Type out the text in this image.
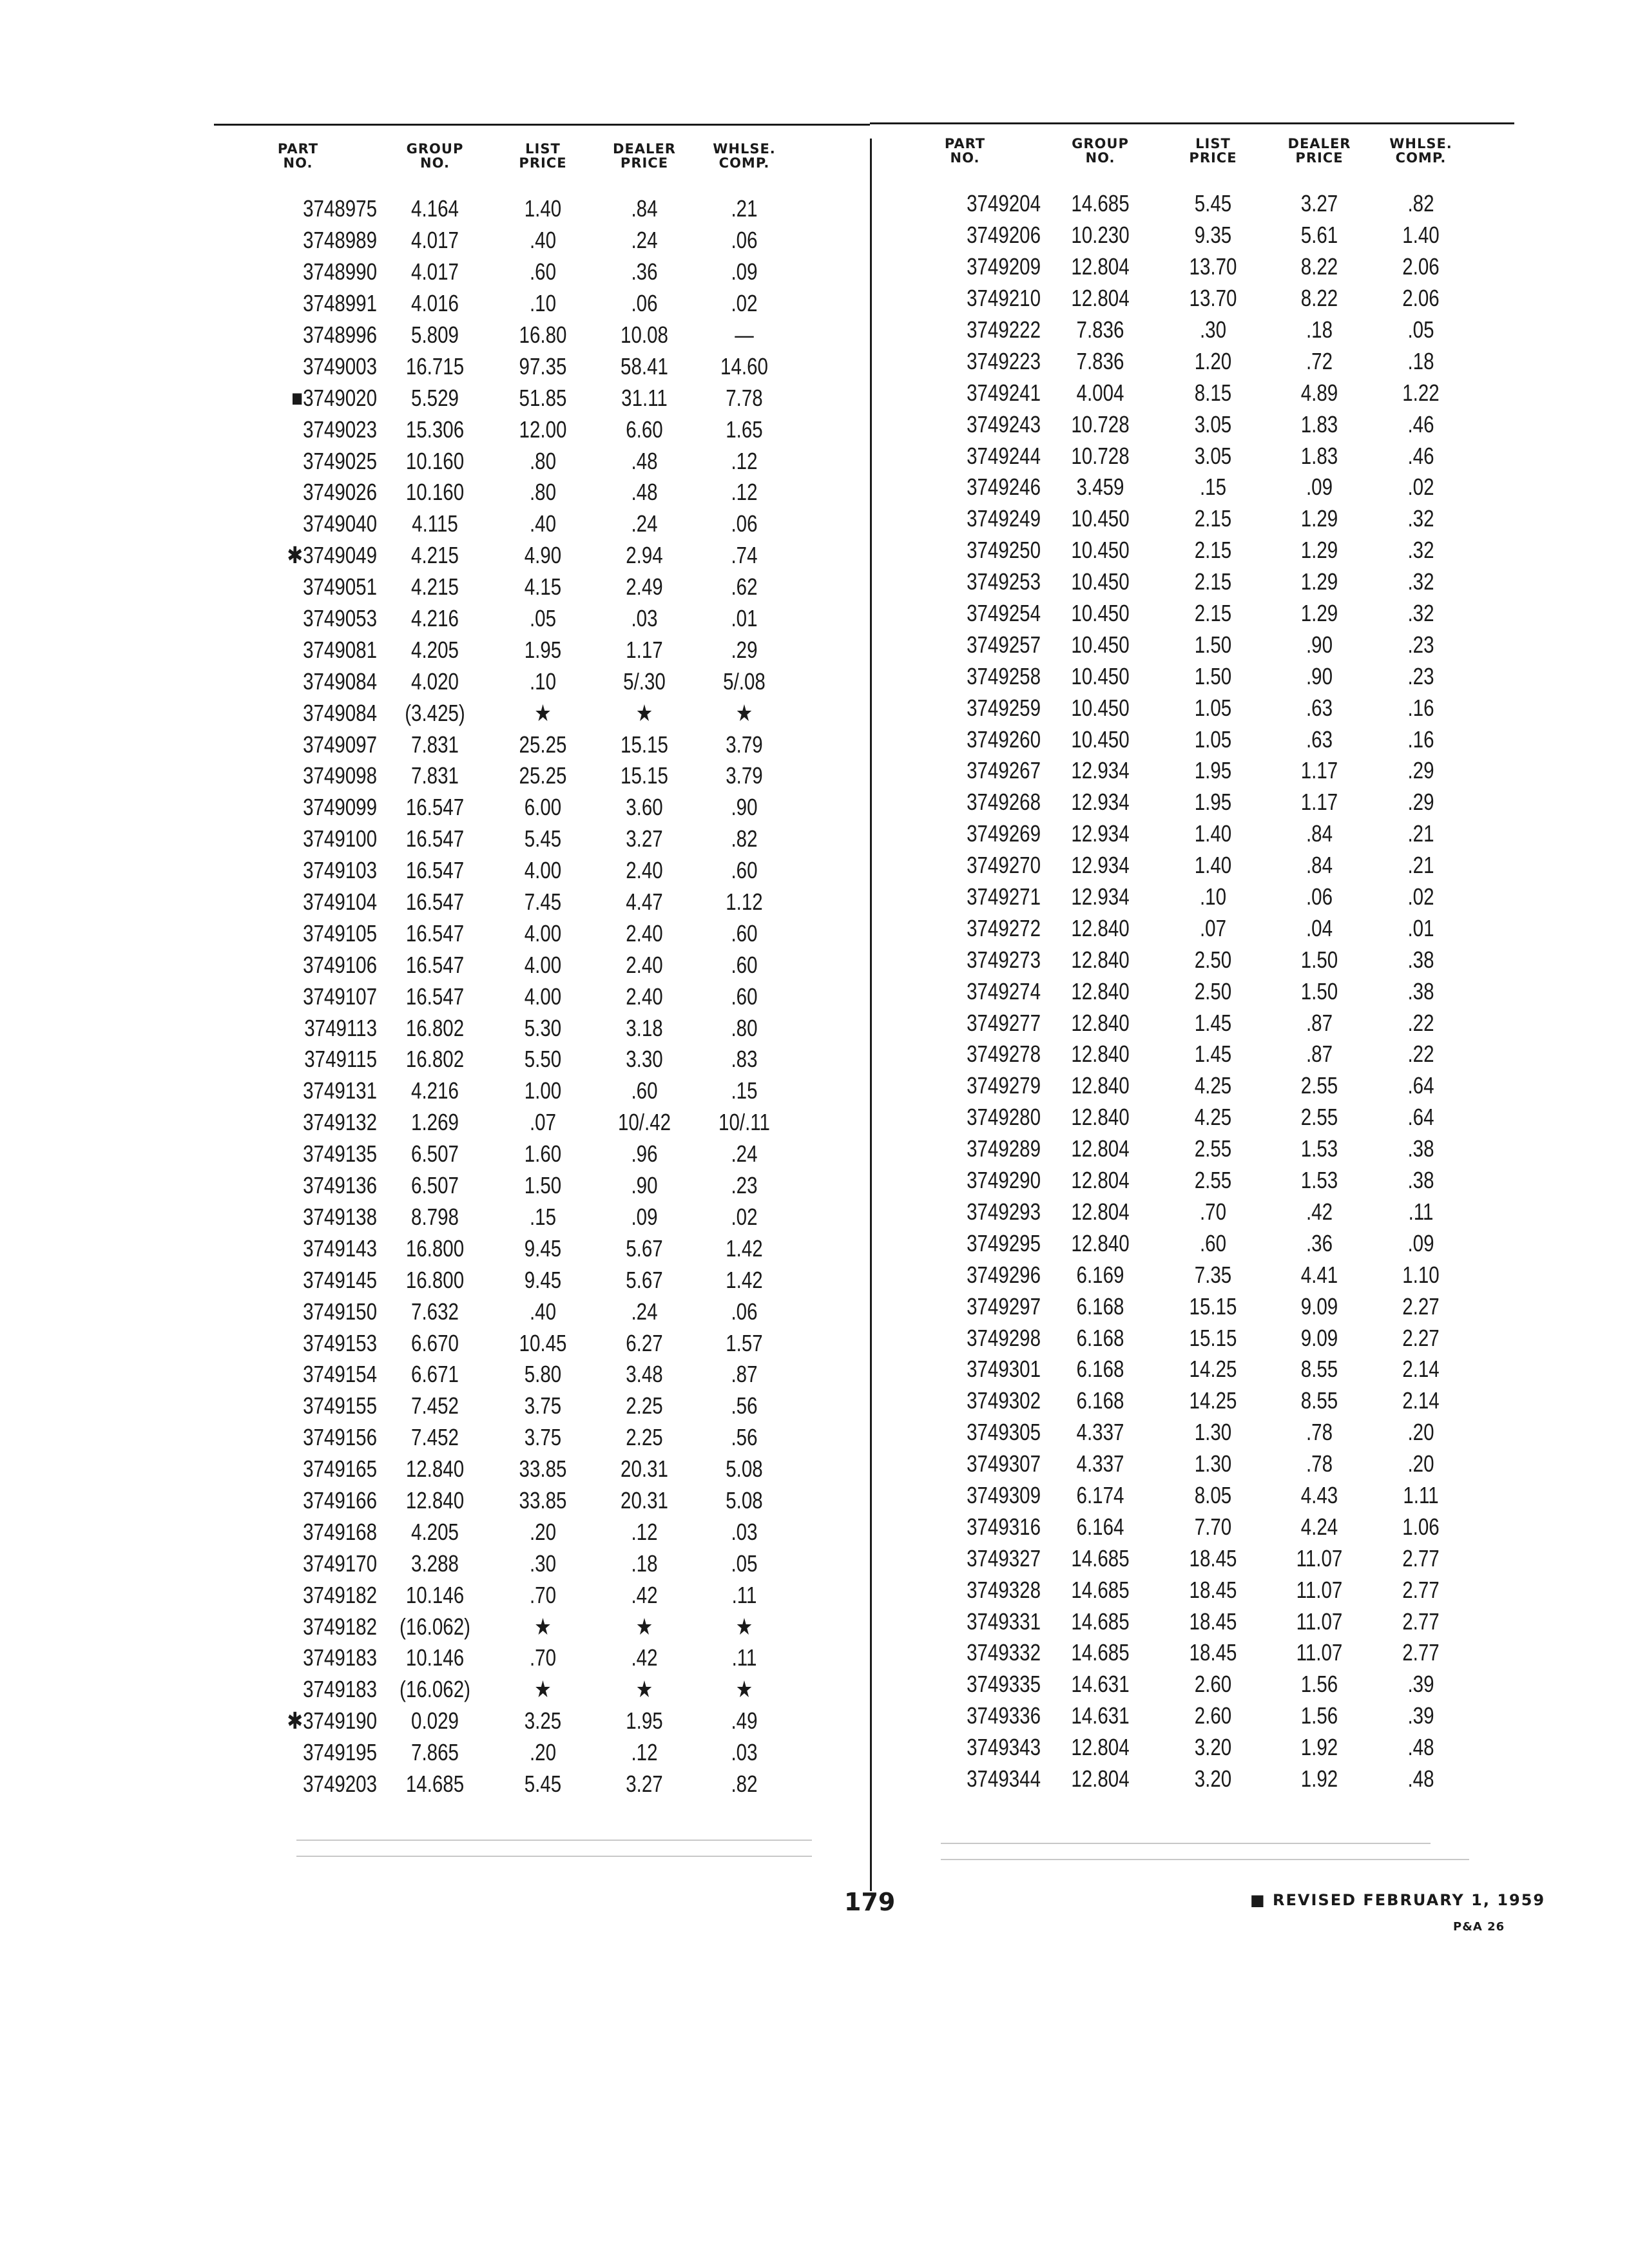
PART
NO.
GROUP
NO.
LIST
PRICE
DEALER
PRICE
WHLSE.
COMP.
3748975	4.164	1.40	.84	.21
3748989	4.017	.40	.24	.06
3748990	4.017	.60	.36	.09
3748991	4.016	.10	.06	.02
3748996	5.809	16.80	10.08	—
3749003	16.715	97.35	58.41	14.60
■3749020	5.529	51.85	31.11	7.78
3749023	15.306	12.00	6.60	1.65
3749025	10.160	.80	.48	.12
3749026	10.160	.80	.48	.12
3749040	4.115	.40	.24	.06
✱3749049	4.215	4.90	2.94	.74
3749051	4.215	4.15	2.49	.62
3749053	4.216	.05	.03	.01
3749081	4.205	1.95	1.17	.29
3749084	4.020	.10	5/.30	5/.08
3749084	(3.425)	★	★	★
3749097	7.831	25.25	15.15	3.79
3749098	7.831	25.25	15.15	3.79
3749099	16.547	6.00	3.60	.90
3749100	16.547	5.45	3.27	.82
3749103	16.547	4.00	2.40	.60
3749104	16.547	7.45	4.47	1.12
3749105	16.547	4.00	2.40	.60
3749106	16.547	4.00	2.40	.60
3749107	16.547	4.00	2.40	.60
3749113	16.802	5.30	3.18	.80
3749115	16.802	5.50	3.30	.83
3749131	4.216	1.00	.60	.15
3749132	1.269	.07	10/.42	10/.11
3749135	6.507	1.60	.96	.24
3749136	6.507	1.50	.90	.23
3749138	8.798	.15	.09	.02
3749143	16.800	9.45	5.67	1.42
3749145	16.800	9.45	5.67	1.42
3749150	7.632	.40	.24	.06
3749153	6.670	10.45	6.27	1.57
3749154	6.671	5.80	3.48	.87
3749155	7.452	3.75	2.25	.56
3749156	7.452	3.75	2.25	.56
3749165	12.840	33.85	20.31	5.08
3749166	12.840	33.85	20.31	5.08
3749168	4.205	.20	.12	.03
3749170	3.288	.30	.18	.05
3749182	10.146	.70	.42	.11
3749182 (16.062)	★	★	★
3749183	10.146	.70	.42	.11
3749183 (16.062)	★	★	★
✱3749190	0.029	3.25	1.95	.49
3749195	7.865	.20	.12	.03
3749203	14.685	5.45	3.27	.82
PART
NO.
GROUP
NO.
LIST
PRICE
DEALER
PRICE
WHLSE.
COMP.
3749204	14.685	5.45	3.27	.82
3749206	10.230	9.35	5.61	1.40
3749209	12.804	13.70	8.22	2.06
3749210	12.804	13.70	8.22	2.06
3749222	7.836	.30	.18	.05
3749223	7.836	1.20	.72	.18
3749241	4.004	8.15	4.89	1.22
3749243	10.728	3.05	1.83	.46
3749244	10.728	3.05	1.83	.46
3749246	3.459	.15	.09	.02
3749249	10.450	2.15	1.29	.32
3749250	10.450	2.15	1.29	.32
3749253	10.450	2.15	1.29	.32
3749254	10.450	2.15	1.29	.32
3749257	10.450	1.50	.90	.23
3749258	10.450	1.50	.90	.23
3749259	10.450	1.05	.63	.16
3749260	10.450	1.05	.63	.16
3749267	12.934	1.95	1.17	.29
3749268	12.934	1.95	1.17	.29
3749269	12.934	1.40	.84	.21
3749270	12.934	1.40	.84	.21
3749271	12.934	.10	.06	.02
3749272	12.840	.07	.04	.01
3749273	12.840	2.50	1.50	.38
3749274	12.840	2.50	1.50	.38
3749277	12.840	1.45	.87	.22
3749278	12.840	1.45	.87	.22
3749279	12.840	4.25	2.55	.64
3749280	12.840	4.25	2.55	.64
3749289	12.804	2.55	1.53	.38
3749290	12.804	2.55	1.53	.38
3749293	12.804	.70	.42	.11
3749295	12.840	.60	.36	.09
3749296	6.169	7.35	4.41	1.10
3749297	6.168	15.15	9.09	2.27
3749298	6.168	15.15	9.09	2.27
3749301	6.168	14.25	8.55	2.14
3749302	6.168	14.25	8.55	2.14
3749305	4.337	1.30	.78	.20
3749307	4.337	1.30	.78	.20
3749309	6.174	8.05	4.43	1.11
3749316	6.164	7.70	4.24	1.06
3749327	14.685	18.45	11.07	2.77
3749328	14.685	18.45	11.07	2.77
3749331	14.685	18.45	11.07	2.77
3749332	14.685	18.45	11.07	2.77
3749335	14.631	2.60	1.56	.39
3749336	14.631	2.60	1.56	.39
3749343	12.804	3.20	1.92	.48
3749344	12.804	3.20	1.92	.48
179	■ REVISED FEBRUARY 1, 1959
P&A 26
